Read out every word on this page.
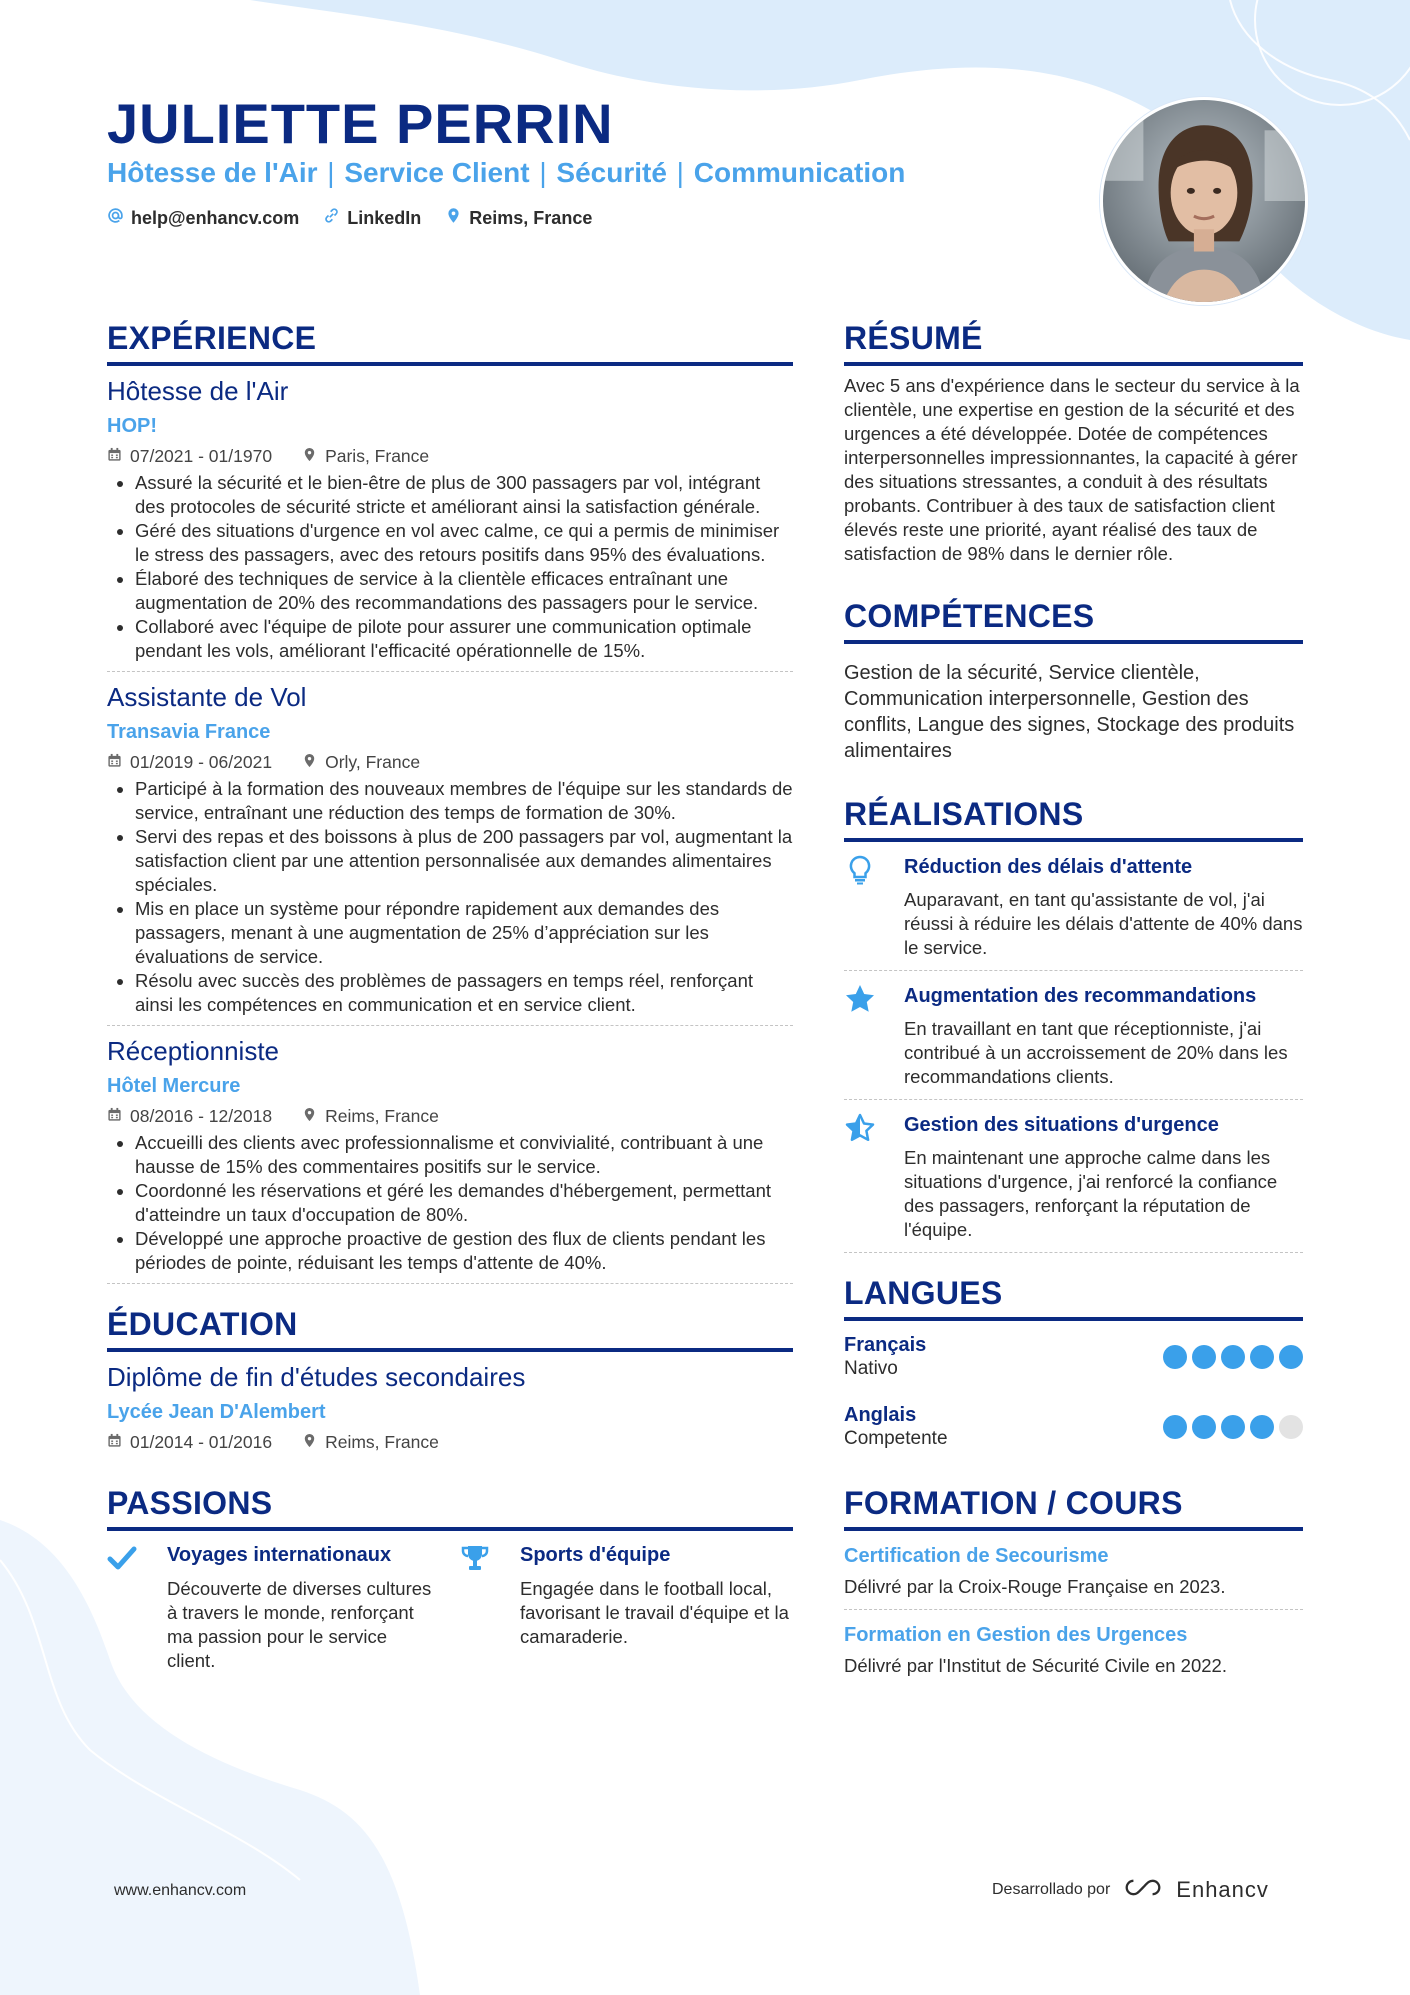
JULIETTE PERRIN
Hôtesse de l'Air | Service Client | Sécurité | Communication
help@enhancv.com	LinkedIn	Reims, France
EXPÉRIENCE

Hôtesse de l'Air

HOP!

07/2021 - 01/1970	Paris, France
• Assuré la sécurité et le bien-être de plus de 300 passagers par vol, intégrant des protocoles de sécurité stricte et améliorant ainsi la satisfaction générale.
• Géré des situations d'urgence en vol avec calme, ce qui a permis de minimiser le stress des passagers, avec des retours positifs dans 95% des évaluations.
• Élaboré des techniques de service à la clientèle efficaces entraînant une augmentation de 20% des recommandations des passagers pour le service.
• Collaboré avec l'équipe de pilote pour assurer une communication optimale pendant les vols, améliorant l'efficacité opérationnelle de 15%.

Assistante de Vol

Transavia France

01/2019 - 06/2021	Orly, France
• Participé à la formation des nouveaux membres de l'équipe sur les standards de service, entraînant une réduction des temps de formation de 30%.
• Servi des repas et des boissons à plus de 200 passagers par vol, augmentant la satisfaction client par une attention personnalisée aux demandes alimentaires spéciales.
• Mis en place un système pour répondre rapidement aux demandes des passagers, menant à une augmentation de 25% d’appréciation sur les évaluations de service.
• Résolu avec succès des problèmes de passagers en temps réel, renforçant ainsi les compétences en communication et en service client.

Réceptionniste

Hôtel Mercure

08/2016 - 12/2018	Reims, France
• Accueilli des clients avec professionnalisme et convivialité, contribuant à une hausse de 15% des commentaires positifs sur le service.
• Coordonné les réservations et géré les demandes d'hébergement, permettant d'atteindre un taux d'occupation de 80%.
• Développé une approche proactive de gestion des flux de clients pendant les périodes de pointe, réduisant les temps d'attente de 40%.
ÉDUCATION

Diplôme de fin d'études secondaires

Lycée Jean D'Alembert

01/2014 - 01/2016	Reims, France
PASSIONS

Voyages internationaux

Découverte de diverses cultures à travers le monde, renforçant ma passion pour le service client.

Sports d'équipe

Engagée dans le football local, favorisant le travail d'équipe et la camaraderie.

RÉSUMÉ

Avec 5 ans d'expérience dans le secteur du service à la clientèle, une expertise en gestion de la sécurité et des urgences a été développée. Dotée de compétences interpersonnelles impressionnantes, la capacité à gérer des situations stressantes, a conduit à des résultats probants. Contribuer à des taux de satisfaction client élevés reste une priorité, ayant réalisé des taux de satisfaction de 98% dans le dernier rôle.

COMPÉTENCES

Gestion de la sécurité, Service clientèle, Communication interpersonnelle, Gestion des conflits, Langue des signes, Stockage des produits alimentaires

RÉALISATIONS

Réduction des délais d'attente

Auparavant, en tant qu'assistante de vol, j'ai réussi à réduire les délais d'attente de 40% dans le service.

Augmentation des recommandations

En travaillant en tant que réceptionniste, j'ai contribué à un accroissement de 20% dans les recommandations clients.

Gestion des situations d'urgence

En maintenant une approche calme dans les situations d'urgence, j'ai renforcé la confiance des passagers, renforçant la réputation de l'équipe.

LANGUES

Français

Nativo

Anglais

Competente

FORMATION / COURS

Certification de Secourisme

Délivré par la Croix-Rouge Française en 2023.

Formation en Gestion des Urgences

Délivré par l'Institut de Sécurité Civile en 2022.

www.enhancv.com	Desarrollado por	Enhancv
